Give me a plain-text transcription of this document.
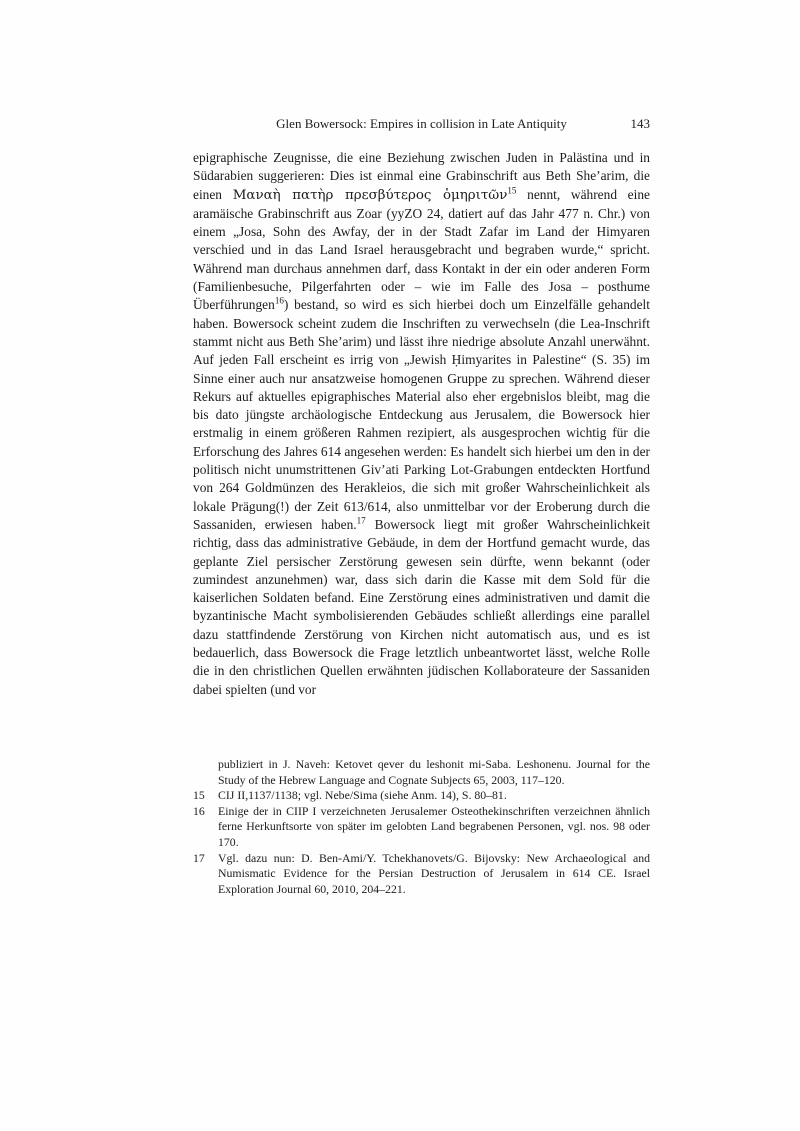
Glen Bowersock: Empires in collision in Late Antiquity	143
epigraphische Zeugnisse, die eine Beziehung zwischen Juden in Palästina und in Südarabien suggerieren: Dies ist einmal eine Grabinschrift aus Beth She’arim, die einen Μαναὴ πατὴρ πρεσβύτερος ὁμηριτῶν$^{15}$ nennt, während eine aramäische Grabinschrift aus Zoar (yyZO 24, datiert auf das Jahr 477 n. Chr.) von einem „Josa, Sohn des Awfay, der in der Stadt Zafar im Land der Himyaren verschied und in das Land Israel herausgebracht und begraben wurde,“ spricht. Während man durchaus annehmen darf, dass Kontakt in der ein oder anderen Form (Familienbesuche, Pilgerfahrten oder – wie im Falle des Josa – posthume Überführungen$^{16}$) bestand, so wird es sich hierbei doch um Einzelfälle gehandelt haben. Bowersock scheint zudem die Inschriften zu verwechseln (die Lea-Inschrift stammt nicht aus Beth She’arim) und lässt ihre niedrige absolute Anzahl unerwähnt. Auf jeden Fall erscheint es irrig von „Jewish Ḥimyarites in Palestine“ (S. 35) im Sinne einer auch nur ansatzweise homogenen Gruppe zu sprechen. Während dieser Rekurs auf aktuelles epigraphisches Material also eher ergebnislos bleibt, mag die bis dato jüngste archäologische Entdeckung aus Jerusalem, die Bowersock hier erstmalig in einem größeren Rahmen rezipiert, als ausgesprochen wichtig für die Erforschung des Jahres 614 angesehen werden: Es handelt sich hierbei um den in der politisch nicht unumstrittenen Giv’ati Parking Lot-Grabungen entdeckten Hortfund von 264 Goldmünzen des Herakleios, die sich mit großer Wahrscheinlichkeit als lokale Prägung(!) der Zeit 613/614, also unmittelbar vor der Eroberung durch die Sassaniden, erwiesen haben.$^{17}$ Bowersock liegt mit großer Wahrscheinlichkeit richtig, dass das administrative Gebäude, in dem der Hortfund gemacht wurde, das geplante Ziel persischer Zerstörung gewesen sein dürfte, wenn bekannt (oder zumindest anzunehmen) war, dass sich darin die Kasse mit dem Sold für die kaiserlichen Soldaten befand. Eine Zerstörung eines administrativen und damit die byzantinische Macht symbolisierenden Gebäudes schließt allerdings eine parallel dazu stattfindende Zerstörung von Kirchen nicht automatisch aus, und es ist bedauerlich, dass Bowersock die Frage letztlich unbeantwortet lässt, welche Rolle die in den christlichen Quellen erwähnten jüdischen Kollaborateure der Sassaniden dabei spielten (und vor
publiziert in J. Naveh: Ketovet qever du leshonit mi-Saba. Leshonenu. Journal for the Study of the Hebrew Language and Cognate Subjects 65, 2003, 117–120.
15 CIJ II,1137/1138; vgl. Nebe/Sima (siehe Anm. 14), S. 80–81.
16 Einige der in CIIP I verzeichneten Jerusalemer Osteothekinschriften verzeichnen ähnlich ferne Herkunftsorte von später im gelobten Land begrabenen Personen, vgl. nos. 98 oder 170.
17 Vgl. dazu nun: D. Ben-Ami/Y. Tchekhanovets/G. Bijovsky: New Archaeological and Numismatic Evidence for the Persian Destruction of Jerusalem in 614 CE. Israel Exploration Journal 60, 2010, 204–221.
